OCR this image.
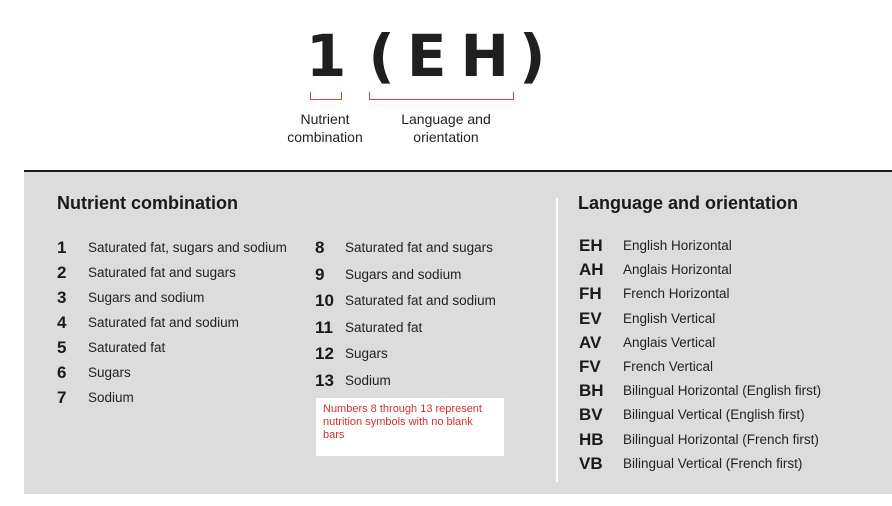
1 ( E H )
Nutrient combination
Language and orientation
Nutrient combination	Language and orientation
1 Saturated fat, sugars and sodium
2 Saturated fat and sugars
3 Sugars and sodium
4 Saturated fat and sodium
5 Saturated fat
6 Sugars
7 Sodium
8 Saturated fat and sugars
9 Sugars and sodium
10 Saturated fat and sodium
11 Saturated fat
12 Sugars
13 Sodium
Numbers 8 through 13 represent nutrition symbols with no blank bars
EH English Horizontal
AH Anglais Horizontal
FH French Horizontal
EV English Vertical
AV Anglais Vertical
FV French Vertical
BH Bilingual Horizontal (English first)
BV Bilingual Vertical (English first)
HB Bilingual Horizontal (French first)
VB Bilingual Vertical (French first)
